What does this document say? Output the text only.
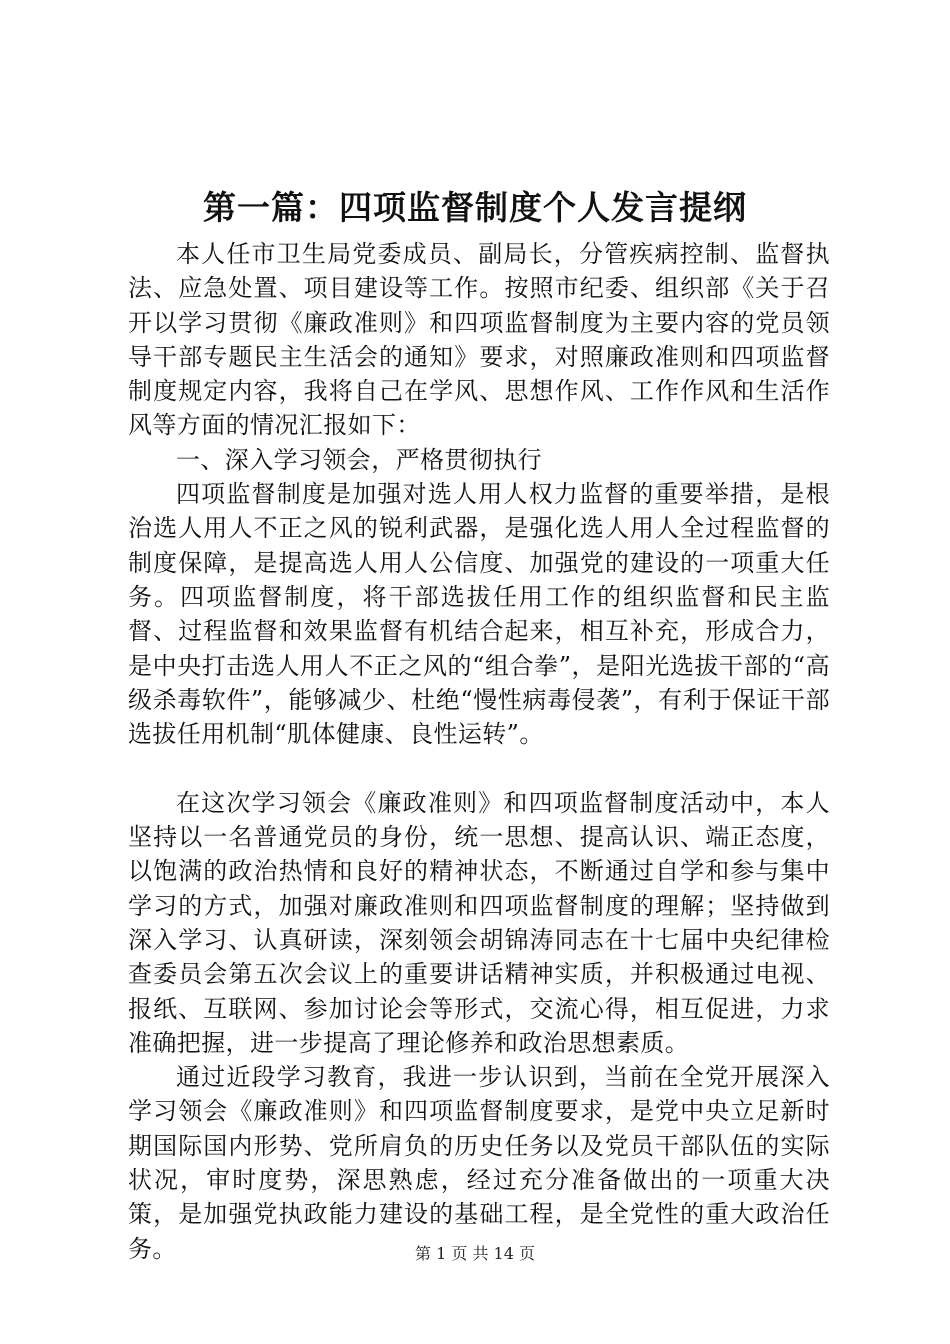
第一篇：四项监督制度个人发言提纲

本人任市卫生局党委成员、副局长，分管疾病控制、监督执法、应急处置、项目建设等工作。按照市纪委、组织部《关于召开以学习贯彻《廉政准则》和四项监督制度为主要内容的党员领导干部专题民主生活会的通知》要求，对照廉政准则和四项监督制度规定内容，我将自己在学风、思想作风、工作作风和生活作风等方面的情况汇报如下：

一、深入学习领会，严格贯彻执行

四项监督制度是加强对选人用人权力监督的重要举措，是根治选人用人不正之风的锐利武器，是强化选人用人全过程监督的制度保障，是提高选人用人公信度、加强党的建设的一项重大任务。四项监督制度，将干部选拔任用工作的组织监督和民主监督、过程监督和效果监督有机结合起来，相互补充，形成合力，是中央打击选人用人不正之风的“组合拳”，是阳光选拔干部的“高级杀毒软件”，能够减少、杜绝“慢性病毒侵袭”，有利于保证干部选拔任用机制“肌体健康、良性运转”。

在这次学习领会《廉政准则》和四项监督制度活动中，本人坚持以一名普通党员的身份，统一思想、提高认识、端正态度，以饱满的政治热情和良好的精神状态，不断通过自学和参与集中学习的方式，加强对廉政准则和四项监督制度的理解；坚持做到深入学习、认真研读，深刻领会胡锦涛同志在十七届中央纪律检查委员会第五次会议上的重要讲话精神实质，并积极通过电视、报纸、互联网、参加讨论会等形式，交流心得，相互促进，力求准确把握，进一步提高了理论修养和政治思想素质。

通过近段学习教育，我进一步认识到，当前在全党开展深入学习领会《廉政准则》和四项监督制度要求，是党中央立足新时期国际国内形势、党所肩负的历史任务以及党员干部队伍的实际状况，审时度势，深思熟虑，经过充分准备做出的一项重大决策，是加强党执政能力建设的基础工程，是全党性的重大政治任务。	第 1 页 共 14 页
